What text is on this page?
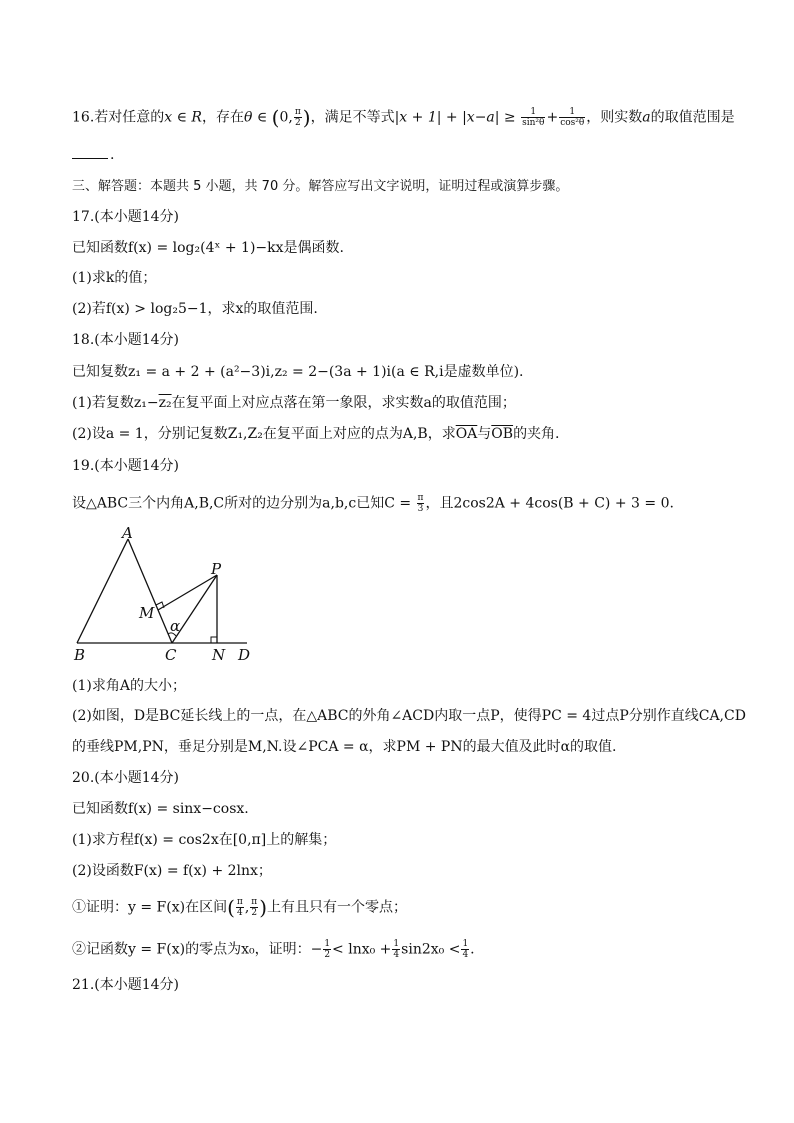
16.若对任意的x ∈ R，存在θ ∈ (0, $\frac{\pi}{2}$ )，满足不等式$|x + 1| + |x-a| \ge \frac{1}{\text{sin²θ}} + \frac{1}{\text{cos²θ}}$ ，则实数a的取值范围是
.
三、解答题：本题共 5 小题，共 70 分。解答应写出文字说明，证明过程或演算步骤。
17.(本小题14分)
已知函数f(x) = log₂(4ˣ + 1)−kx是偶函数.
(1)求k的值；
(2)若f(x) > log₂5−1，求x的取值范围.
18.(本小题14分)
已知复数z₁ = a + 2 + (a²−3)i,z₂ = 2−(3a + 1)i(a ∈ R,i是虚数单位).
(1)若复数z₁−z₂在复平面上对应点落在第一象限，求实数a的取值范围；
(2)设a = 1，分别记复数Z₁,Z₂在复平面上对应的点为A,B，求$\overline{OA}$与$\overline{OB}$的夹角.
19.(本小题14分)
设△ABC三个内角A,B,C所对的边分别为a,b,c已知$C = \frac{\pi}{3}$ ，且2cos2A + 4cos(B + C) + 3 = 0.
A
B	C	D
P
M
N
α
(1)求角A的大小；
(2)如图，D是BC延长线上的一点，在△ABC的外角∠ACD内取一点P，使得PC = 4过点P分别作直线CA,CD
的垂线PM,PN，垂足分别是M,N.设∠PCA = α，求PM + PN的最大值及此时α的取值.
20.(本小题14分)
已知函数f(x) = sinx−cosx.
(1)求方程f(x) = cos2x在[0,π]上的解集；
(2)设函数F(x) = f(x) + 2lnx；
①证明：y = F(x)在区间( $\frac{\pi}{4}$ , $\frac{\pi}{2}$ )上有且只有一个零点；
②记函数y = F(x)的零点为x₀，证明：− $\frac{1}{2} < \ln x_0 + \frac{1}{4} \sin 2x_0 < \frac{1}{4}$ .
21.(本小题14分)
